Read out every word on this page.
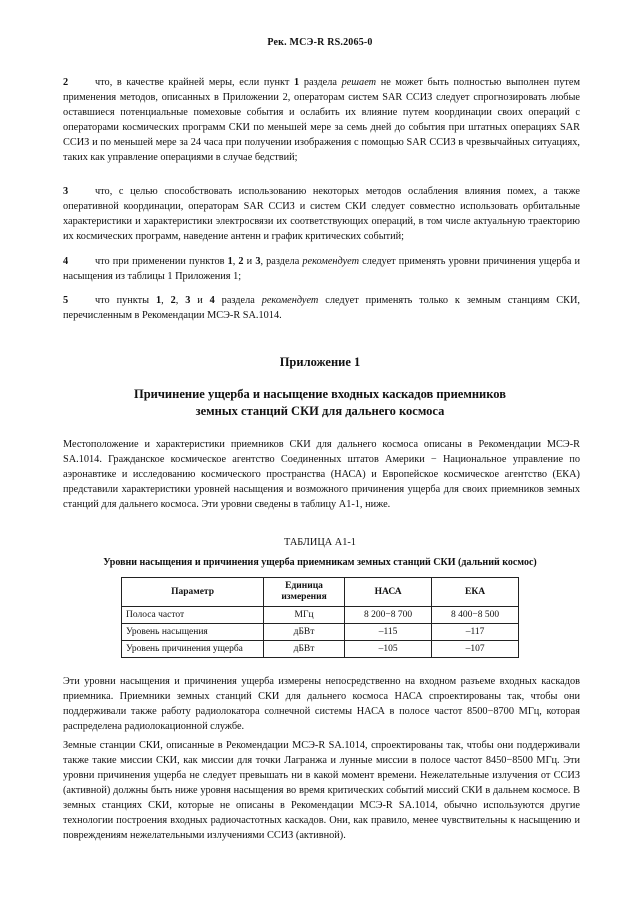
Рек. МСЭ-R RS.2065-0

2	что, в качестве крайней меры, если пункт 1 раздела решает не может быть полностью выполнен путем применения методов, описанных в Приложении 2, операторам систем SAR ССИЗ следует спрогнозировать любые оставшиеся потенциальные помеховые события и ослабить их влияние путем координации своих операций с операторами космических программ СКИ по меньшей мере за семь дней до события при штатных операциях SAR ССИЗ и по меньшей мере за 24 часа при получении изображения с помощью SAR ССИЗ в чрезвычайных ситуациях, таких как управление операциями в случае бедствий;

3	что, с целью способствовать использованию некоторых методов ослабления влияния помех, а также оперативной координации, операторам SAR ССИЗ и систем СКИ следует совместно использовать орбитальные характеристики и характеристики электросвязи их соответствующих операций, в том числе актуальную траекторию их космических программ, наведение антенн и график критических событий;

4	что при применении пунктов 1, 2 и 3, раздела рекомендует следует применять уровни причинения ущерба и насыщения из таблицы 1 Приложения 1;

5	что пункты 1, 2, 3 и 4 раздела рекомендует следует применять только к земным станциям СКИ, перечисленным в Рекомендации МСЭ-R SA.1014.

Приложение 1
Причинение ущерба и насыщение входных каскадов приемников
земных станций СКИ для дальнего космоса

Местоположение и характеристики приемников СКИ для дальнего космоса описаны в Рекомендации МСЭ-R SA.1014. Гражданское космическое агентство Соединенных штатов Америки − Национальное управление по аэронавтике и исследованию космического пространства (НАСА) и Европейское космическое агентство (ЕКА) представили характеристики уровней насыщения и возможного причинения ущерба для своих приемников земных станций для дальнего космоса. Эти уровни сведены в таблицу А1-1, ниже.

ТАБЛИЦА А1-1
Уровни насыщения и причинения ущерба приемникам земных станций СКИ (дальний космос)
Параметр	Единица измерения	НАСА	ЕКА
Полоса частот	МГц	8 200−8 700	8 400−8 500
Уровень насыщения	дБВт	–115	–117
Уровень причинения ущерба	дБВт	–105	–107

Эти уровни насыщения и причинения ущерба измерены непосредственно на входном разъеме входных каскадов приемника. Приемники земных станций СКИ для дальнего космоса НАСА спроектированы так, чтобы они поддерживали также работу радиолокатора солнечной системы НАСА в полосе частот 8500−8700 МГц, которая распределена радиолокационной службе.

Земные станции СКИ, описанные в Рекомендации МСЭ-R SA.1014, спроектированы так, чтобы они поддерживали также такие миссии СКИ, как миссии для точки Лагранжа и лунные миссии в полосе частот 8450−8500 МГц. Эти уровни причинения ущерба не следует превышать ни в какой момент времени. Нежелательные излучения от ССИЗ (активной) должны быть ниже уровня насыщения во время критических событий миссий СКИ в дальнем космосе. В земных станциях СКИ, которые не описаны в Рекомендации МСЭ-R SA.1014, обычно используются другие технологии построения входных радиочастотных каскадов. Они, как правило, менее чувствительны к насыщению и повреждениям нежелательными излучениями ССИЗ (активной).
